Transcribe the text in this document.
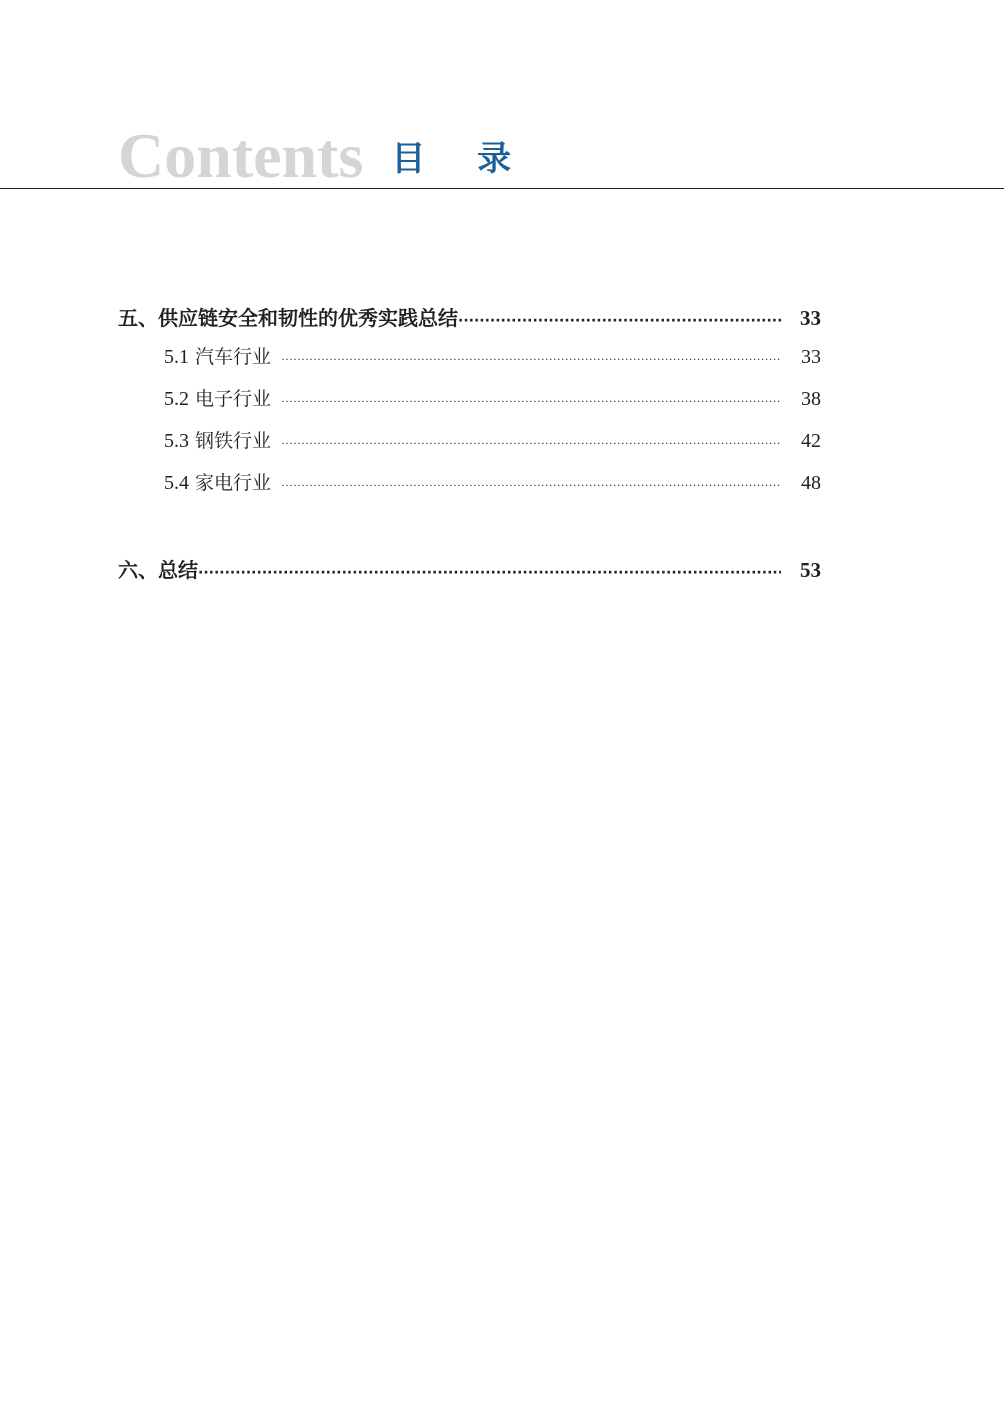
Contents 目 录
五、供应链安全和韧性的优秀实践总结 ·····	33
5.1 汽车行业 ·····	33
5.2 电子行业 ·····	38
5.3 钢铁行业 ·····	42
5.4 家电行业 ·····	48
六、总结 ·····	53
